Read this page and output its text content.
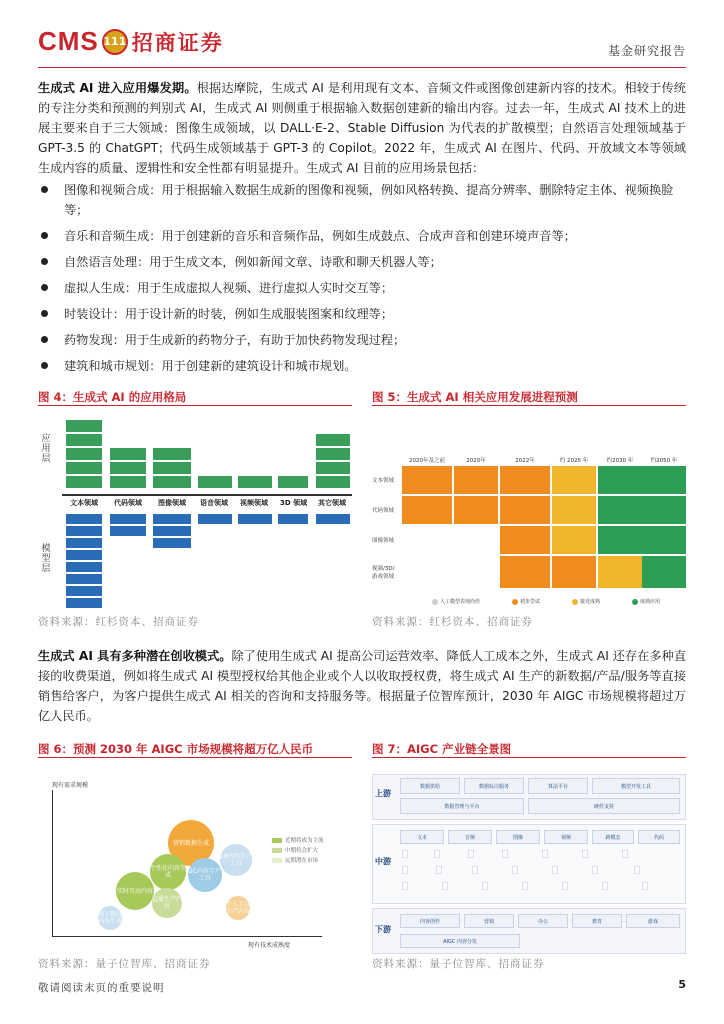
CMS 111 招商证券	基金研究报告
生成式 AI 进入应用爆发期。根据达摩院，生成式 AI 是利用现有文本、音频文件或图像创建新内容的技术。相较于传统的专注分类和预测的判别式 AI，生成式 AI 则侧重于根据输入数据创建新的输出内容。过去一年，生成式 AI 技术上的进展主要来自于三大领域：图像生成领域，以 DALL·E-2、Stable Diffusion 为代表的扩散模型；自然语言处理领域基于 GPT-3.5 的 ChatGPT；代码生成领域基于 GPT-3 的 Copilot。2022 年，生成式 AI 在图片、代码、开放域文本等领域生成内容的质量、逻辑性和安全性都有明显提升。生成式 AI 目前的应用场景包括：
图像和视频合成：用于根据输入数据生成新的图像和视频，例如风格转换、提高分辨率、删除特定主体、视频换脸等；
音乐和音频生成：用于创建新的音乐和音频作品，例如生成鼓点、合成声音和创建环境声音等；
自然语言处理：用于生成文本，例如新闻文章、诗歌和聊天机器人等；
虚拟人生成：用于生成虚拟人视频、进行虚拟人实时交互等；
时装设计：用于设计新的时装，例如生成服装图案和纹理等；
药物发现：用于生成新的药物分子，有助于加快药物发现过程；
建筑和城市规划：用于创建新的建筑设计和城市规划。
图 4：生成式 AI 的应用格局
应用层
模型层
文本领域 代码领域 图像领域 语音领域 视频领域 3D 领域 其它领域
资料来源：红杉资本、招商证券
图 5：生成式 AI 相关应用发展进程预测
2020年及之前	2020年	2022年	约 2025 年	约2030 年	约2050 年
文本领域
代码领域
图像领域
视频/3D/游戏领域
人工模型表现尚佳	初步尝试	接近成熟	成熟应用
资料来源：红杉资本、招商证券
生成式 AI 具有多种潜在创收模式。除了使用生成式 AI 提高公司运营效率、降低人工成本之外，生成式 AI 还存在多种直接的收费渠道，例如将生成式 AI 模型授权给其他企业或个人以收取授权费，将生成式 AI 生产的新数据/产品/服务等直接销售给客户，为客户提供生成式 AI 相关的咨询和支持服务等。根据量子位智库预计，2030 年 AIGC 市场规模将超过万亿人民币。
图 6：预测 2030 年 AIGC 市场规模将超万亿人民币
现有需求规模
现有技术成熟度
营销数据生成
个性化内容生成
2C内容生产工具
2B内容生产工具
实时互动内容
直播生产内容	个人工具生产内容
基于现有内容生成
近期将成为主流
中期将会扩大
远期潜在市场
资料来源：量子位智库、招商证券
图 7：AIGC 产业链全景图
上游
中游
下游
数据供给	数据标注服务	算法平台	模型开发工具
数据管理与平台	硬件支持
文本	音频	图像	视频	跨模态	代码
内容创作	营销	办公	教育	游戏
AIGC 内容分发
资料来源：量子位智库、招商证券
敬请阅读末页的重要说明	5
